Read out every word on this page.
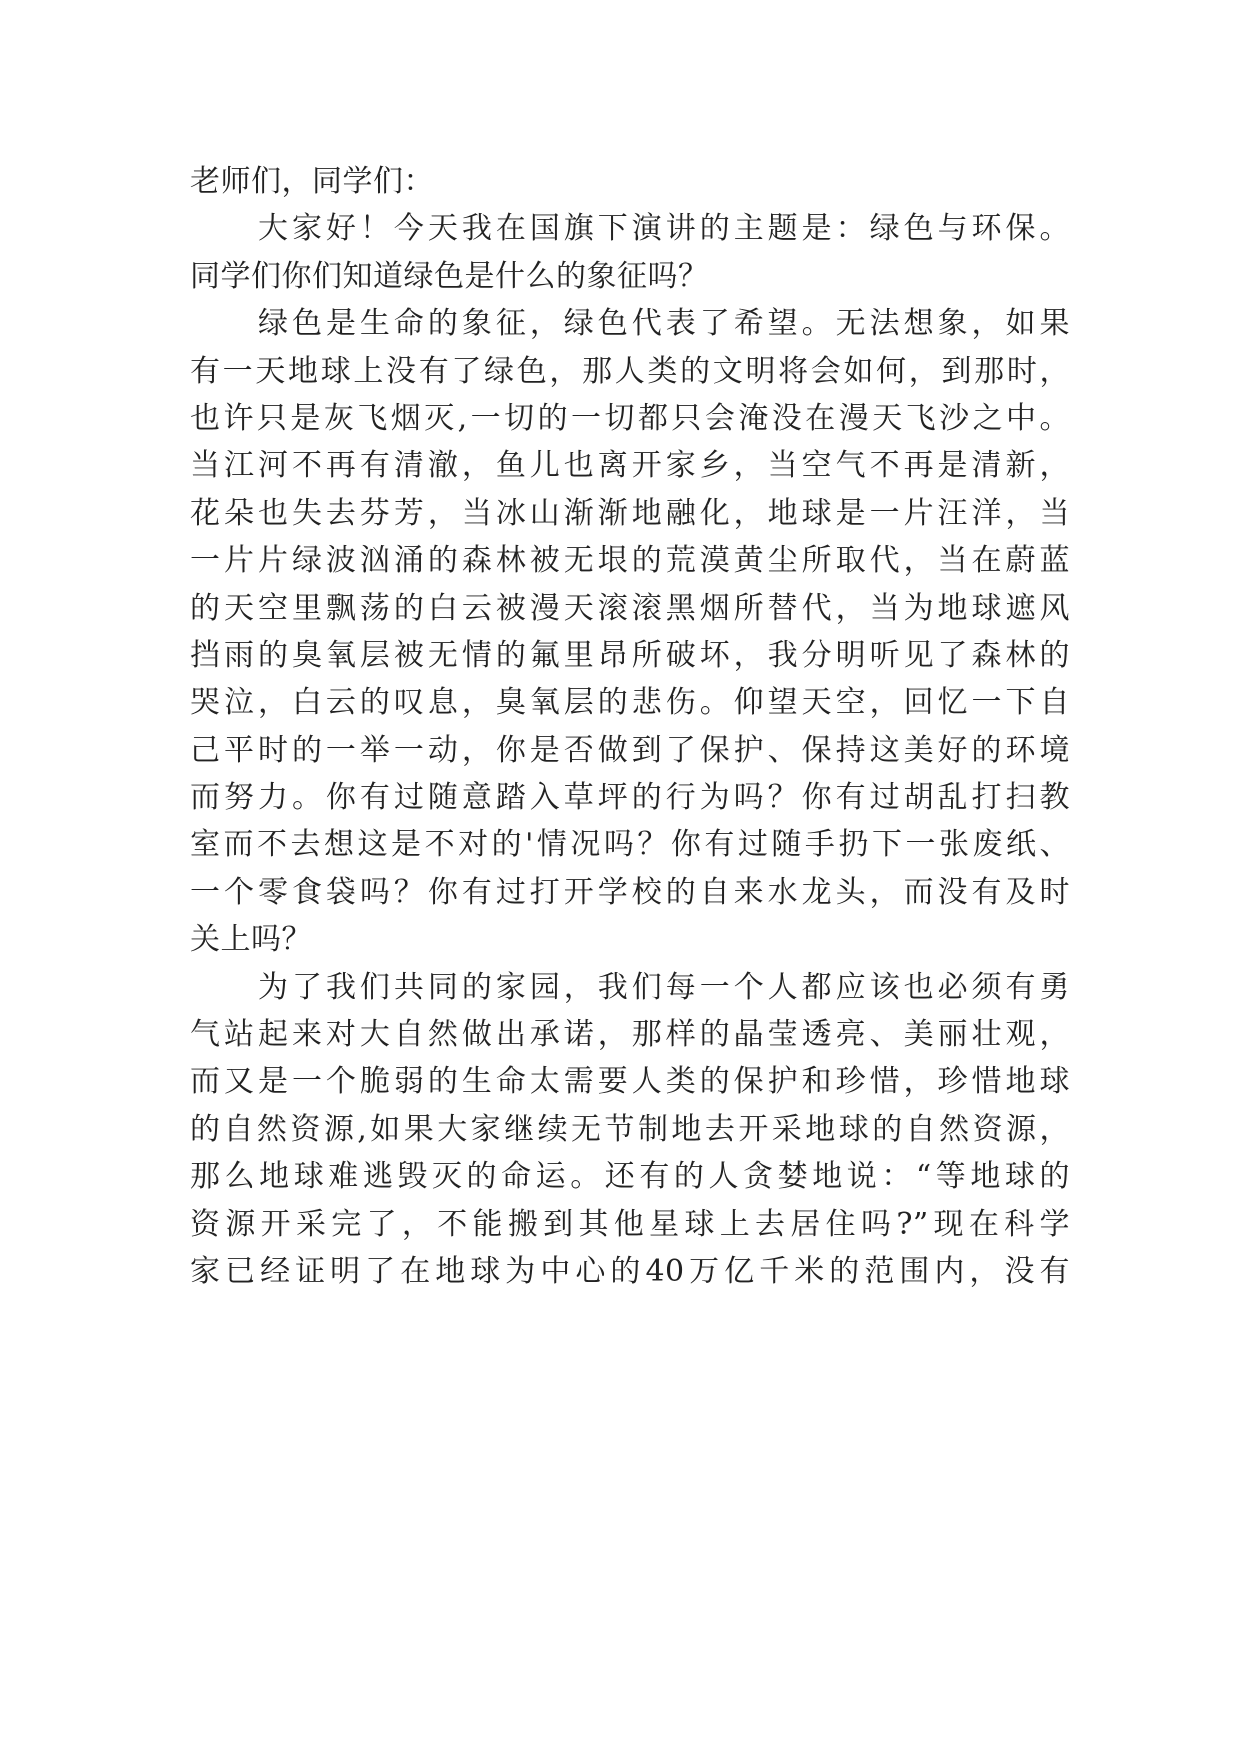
老师们，同学们：
大家好！今天我在国旗下演讲的主题是：绿色与环保。
同学们你们知道绿色是什么的象征吗？
绿色是生命的象征，绿色代表了希望。无法想象，如果
有一天地球上没有了绿色，那人类的文明将会如何，到那时，
也许只是灰飞烟灭,一切的一切都只会淹没在漫天飞沙之中。
当江河不再有清澈，鱼儿也离开家乡，当空气不再是清新，
花朵也失去芬芳，当冰山渐渐地融化，地球是一片汪洋，当
一片片绿波汹涌的森林被无垠的荒漠黄尘所取代，当在蔚蓝
的天空里飘荡的白云被漫天滚滚黑烟所替代，当为地球遮风
挡雨的臭氧层被无情的氟里昂所破坏，我分明听见了森林的
哭泣，白云的叹息，臭氧层的悲伤。仰望天空，回忆一下自
己平时的一举一动，你是否做到了保护、保持这美好的环境
而努力。你有过随意踏入草坪的行为吗？你有过胡乱打扫教
室而不去想这是不对的'情况吗？你有过随手扔下一张废纸、
一个零食袋吗？你有过打开学校的自来水龙头，而没有及时
关上吗？
为了我们共同的家园，我们每一个人都应该也必须有勇
气站起来对大自然做出承诺，那样的晶莹透亮、美丽壮观，
而又是一个脆弱的生命太需要人类的保护和珍惜，珍惜地球
的自然资源,如果大家继续无节制地去开采地球的自然资源，
那么地球难逃毁灭的命运。还有的人贪婪地说：“等地球的
资源开采完了，不能搬到其他星球上去居住吗?”现在科学
家已经证明了在地球为中心的40万亿千米的范围内，没有
